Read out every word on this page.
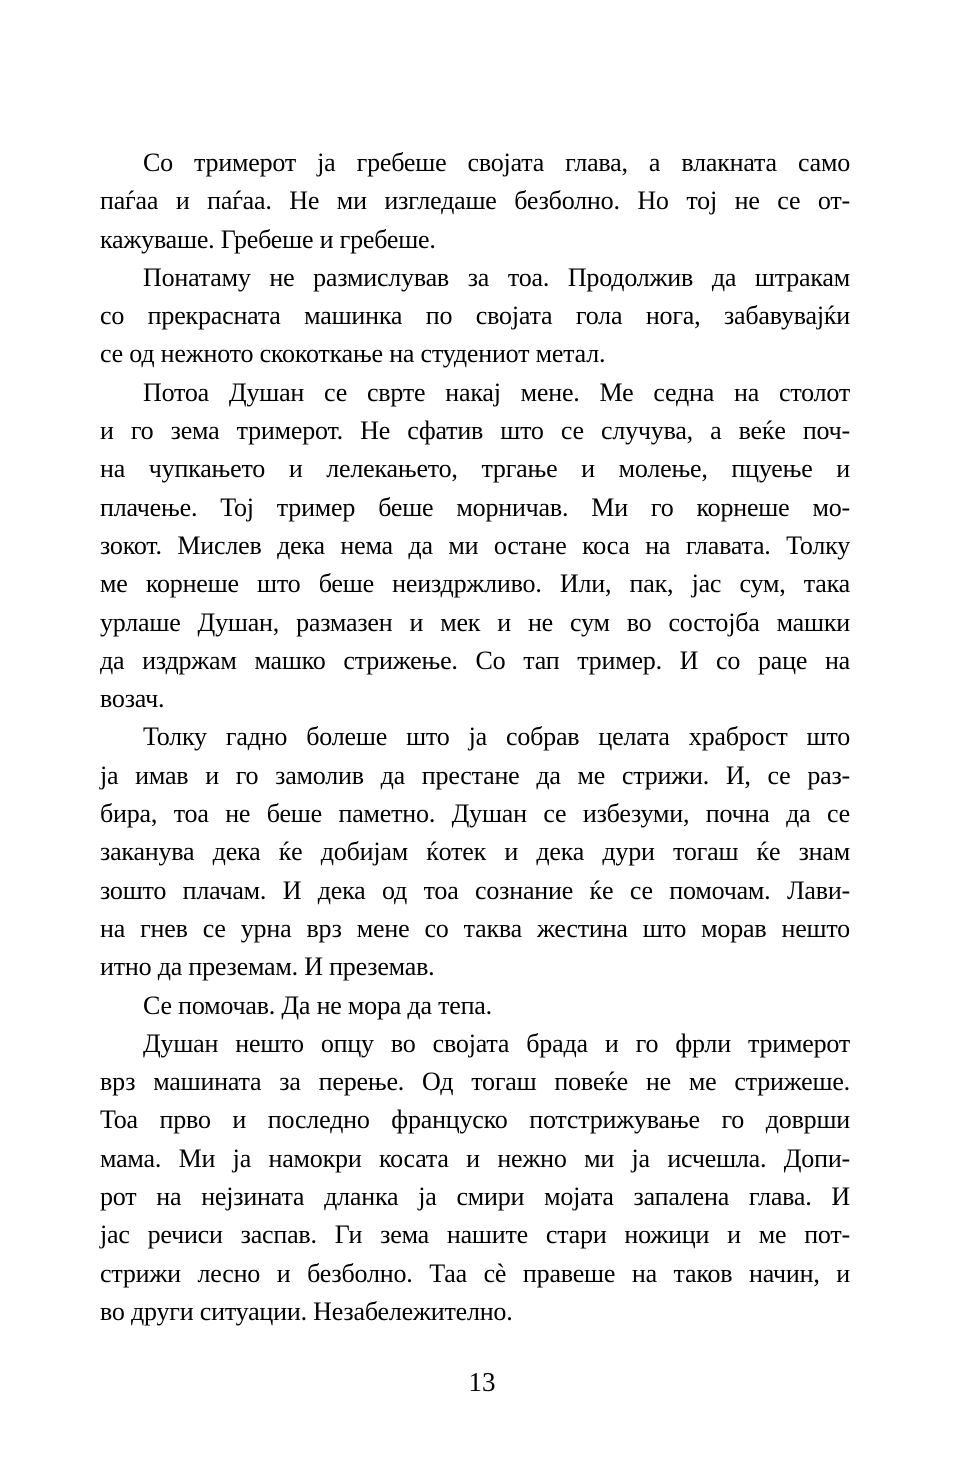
Со тримерот ја гребеше својата глава, а влакната само
паѓаа и паѓаа. Не ми изгледаше безболно. Но тој не се от-
кажуваше. Гребеше и гребеше.
Понатаму не размислував за тоа. Продолжив да штракам
со прекрасната машинка по својата гола нога, забавувајќи
се од нежното скокоткање на студениот метал.
Потоа Душан се сврте накај мене. Ме седна на столот
и го зема тримерот. Не сфатив што се случува, а веќе поч-
на чупкањето и лелекањето, тргање и молење, пцуење и
плачење. Тој тример беше морничав. Ми го корнеше мо-
зокот. Мислев дека нема да ми остане коса на главата. Толку
ме корнеше што беше неиздржливо. Или, пак, јас сум, така
урлаше Душан, размазен и мек и не сум во состојба машки
да издржам машко стрижење. Со тап тример. И со раце на
возач.
Толку гадно болеше што ја собрав целата храброст што
ја имав и го замолив да престане да ме стрижи. И, се раз-
бира, тоа не беше паметно. Душан се избезуми, почна да се
заканува дека ќе добијам ќотек и дека дури тогаш ќе знам
зошто плачам. И дека од тоа сознание ќе се помочам. Лави-
на гнев се урна врз мене со таква жестина што морав нешто
итно да преземам. И преземав.
Се помочав. Да не мора да тепа.
Душан нешто опцу во својата брада и го фрли тримерот
врз машината за перење. Од тогаш повеќе не ме стрижеше.
Тоа прво и последно француско потстрижување го доврши
мама. Ми ја намокри косата и нежно ми ја исчешла. Допи-
рот на нејзината дланка ја смири мојата запалена глава. И
јас речиси заспав. Ги зема нашите стари ножици и ме пот-
стрижи лесно и безболно. Таа сè правеше на таков начин, и
во други ситуации. Незабележително.
13
